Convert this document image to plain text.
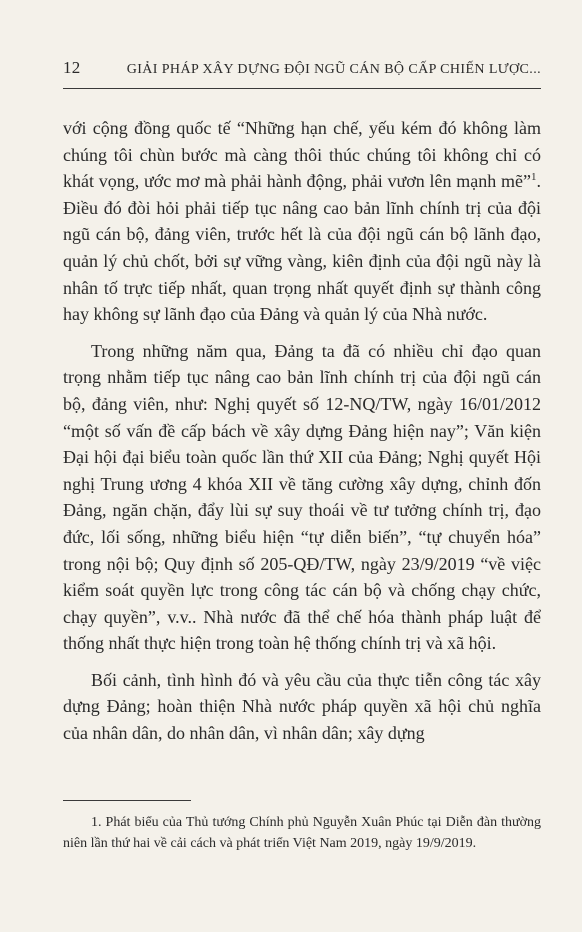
12	GIẢI PHÁP XÂY DỰNG ĐỘI NGŨ CÁN BỘ CẤP CHIẾN LƯỢC...

với cộng đồng quốc tế “Những hạn chế, yếu kém đó không làm chúng tôi chùn bước mà càng thôi thúc chúng tôi không chỉ có khát vọng, ước mơ mà phải hành động, phải vươn lên mạnh mẽ”$^1$. Điều đó đòi hỏi phải tiếp tục nâng cao bản lĩnh chính trị của đội ngũ cán bộ, đảng viên, trước hết là của đội ngũ cán bộ lãnh đạo, quản lý chủ chốt, bởi sự vững vàng, kiên định của đội ngũ này là nhân tố trực tiếp nhất, quan trọng nhất quyết định sự thành công hay không sự lãnh đạo của Đảng và quản lý của Nhà nước.

Trong những năm qua, Đảng ta đã có nhiều chỉ đạo quan trọng nhằm tiếp tục nâng cao bản lĩnh chính trị của đội ngũ cán bộ, đảng viên, như: Nghị quyết số 12-NQ/TW, ngày 16/01/2012 “một số vấn đề cấp bách về xây dựng Đảng hiện nay”; Văn kiện Đại hội đại biểu toàn quốc lần thứ XII của Đảng; Nghị quyết Hội nghị Trung ương 4 khóa XII về tăng cường xây dựng, chỉnh đốn Đảng, ngăn chặn, đẩy lùi sự suy thoái về tư tưởng chính trị, đạo đức, lối sống, những biểu hiện “tự diễn biến”, “tự chuyển hóa” trong nội bộ; Quy định số 205-QĐ/TW, ngày 23/9/2019 “về việc kiểm soát quyền lực trong công tác cán bộ và chống chạy chức, chạy quyền”, v.v.. Nhà nước đã thể chế hóa thành pháp luật để thống nhất thực hiện trong toàn hệ thống chính trị và xã hội.

Bối cảnh, tình hình đó và yêu cầu của thực tiễn công tác xây dựng Đảng; hoàn thiện Nhà nước pháp quyền xã hội chủ nghĩa của nhân dân, do nhân dân, vì nhân dân; xây dựng

1. Phát biểu của Thủ tướng Chính phủ Nguyễn Xuân Phúc tại Diễn đàn thường niên lần thứ hai về cải cách và phát triển Việt Nam 2019, ngày 19/9/2019.
